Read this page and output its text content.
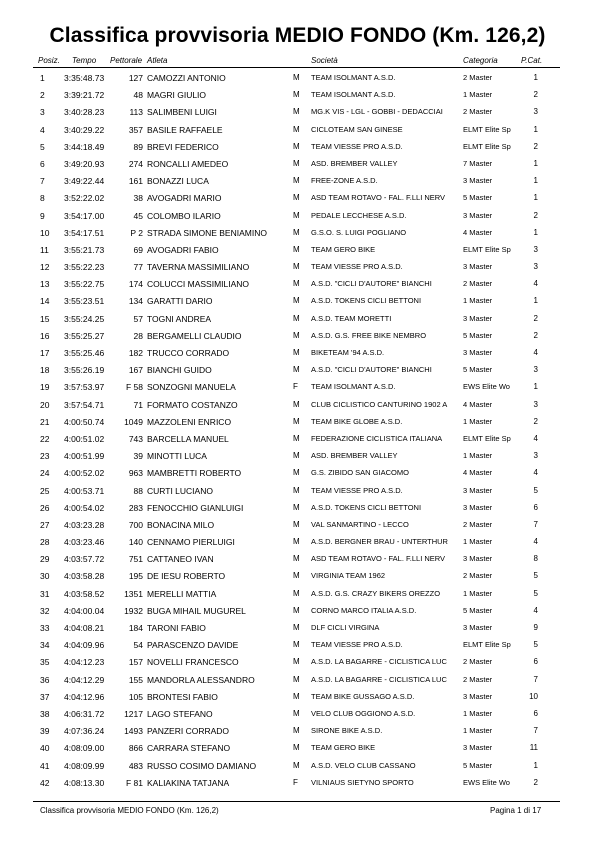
Classifica provvisoria MEDIO FONDO (Km. 126,2)
Posiz. Tempo Pettorale Atleta	Società	Categoria	P.Cat.
1	3:35:48.73	127 CAMOZZI ANTONIO	M	TEAM ISOLMANT A.S.D.	2 Master	1
2	3:39:21.72	48 MAGRI GIULIO	M	TEAM ISOLMANT A.S.D.	1 Master	2
3	3:40:28.23	113 SALIMBENI LUIGI	M	MG.K VIS - LGL - GOBBI - DEDACCIAI	2 Master	3
4	3:40:29.22	357 BASILE RAFFAELE	M	CICLOTEAM SAN GINESE	ELMT Elite Sp	1
5	3:44:18.49	89 BREVI FEDERICO	M	TEAM VIESSE PRO A.S.D.	ELMT Elite Sp	2
6	3:49:20.93	274 RONCALLI AMEDEO	M	ASD. BREMBER VALLEY	7 Master	1
7	3:49:22.44	161 BONAZZI LUCA	M	FREE-ZONE A.S.D.	3 Master	1
8	3:52:22.02	38 AVOGADRI MARIO	M	ASD TEAM ROTAVO - FAL. F.LLI NERV	5 Master	1
9	3:54:17.00	45 COLOMBO ILARIO	M	PEDALE LECCHESE A.S.D.	3 Master	2
10	3:54:17.51	P 2 STRADA SIMONE BENIAMINO	M	G.S.O. S. LUIGI POGLIANO	4 Master	1
11	3:55:21.73	69 AVOGADRI FABIO	M	TEAM GERO BIKE	ELMT Elite Sp	3
12	3:55:22.23	77 TAVERNA MASSIMILIANO	M	TEAM VIESSE PRO A.S.D.	3 Master	3
13	3:55:22.75	174 COLUCCI MASSIMILIANO	M	A.S.D. "CICLI D'AUTORE" BIANCHI	2 Master	4
14	3:55:23.51	134 GARATTI DARIO	M	A.S.D. TOKENS CICLI BETTONI	1 Master	1
15	3:55:24.25	57 TOGNI ANDREA	M	A.S.D. TEAM MORETTI	3 Master	2
16	3:55:25.27	28 BERGAMELLI CLAUDIO	M	A.S.D. G.S. FREE BIKE NEMBRO	5 Master	2
17	3:55:25.46	182 TRUCCO CORRADO	M	BIKETEAM '94 A.S.D.	3 Master	4
18	3:55:26.19	167 BIANCHI GUIDO	M	A.S.D. "CICLI D'AUTORE" BIANCHI	5 Master	3
19	3:57:53.97	F 58 SONZOGNI MANUELA	F	TEAM ISOLMANT A.S.D.	EWS Elite Wo	1
20	3:57:54.71	71 FORMATO COSTANZO	M	CLUB CICLISTICO CANTURINO 1902 A	4 Master	3
21	4:00:50.74	1049 MAZZOLENI ENRICO	M	TEAM BIKE GLOBE A.S.D.	1 Master	2
22	4:00:51.02	743 BARCELLA MANUEL	M	FEDERAZIONE CICLISTICA ITALIANA	ELMT Elite Sp	4
23	4:00:51.99	39 MINOTTI LUCA	M	ASD. BREMBER VALLEY	1 Master	3
24	4:00:52.02	963 MAMBRETTI ROBERTO	M	G.S. ZIBIDO SAN GIACOMO	4 Master	4
25	4:00:53.71	88 CURTI LUCIANO	M	TEAM VIESSE PRO A.S.D.	3 Master	5
26	4:00:54.02	283 FENOCCHIO GIANLUIGI	M	A.S.D. TOKENS CICLI BETTONI	3 Master	6
27	4:03:23.28	700 BONACINA MILO	M	VAL SANMARTINO - LECCO	2 Master	7
28	4:03:23.46	140 CENNAMO PIERLUIGI	M	A.S.D. BERGNER BRAU - UNTERTHUR	1 Master	4
29	4:03:57.72	751 CATTANEO IVAN	M	ASD TEAM ROTAVO - FAL. F.LLI NERV	3 Master	8
30	4:03:58.28	195 DE IESU ROBERTO	M	VIRGINIA TEAM 1962	2 Master	5
31	4:03:58.52	1351 MERELLI MATTIA	M	A.S.D. G.S. CRAZY BIKERS OREZZO	1 Master	5
32	4:04:00.04	1932 BUGA MIHAIL MUGUREL	M	CORNO MARCO ITALIA A.S.D.	5 Master	4
33	4:04:08.21	184 TARONI FABIO	M	DLF CICLI VIRGINA	3 Master	9
34	4:04:09.96	54 PARASCENZO DAVIDE	M	TEAM VIESSE PRO A.S.D.	ELMT Elite Sp	5
35	4:04:12.23	157 NOVELLI FRANCESCO	M	A.S.D. LA BAGARRE - CICLISTICA LUC	2 Master	6
36	4:04:12.29	155 MANDORLA ALESSANDRO	M	A.S.D. LA BAGARRE - CICLISTICA LUC	2 Master	7
37	4:04:12.96	105 BRONTESI FABIO	M	TEAM BIKE GUSSAGO A.S.D.	3 Master	10
38	4:06:31.72	1217 LAGO STEFANO	M	VELO CLUB OGGIONO A.S.D.	1 Master	6
39	4:07:36.24	1493 PANZERI CORRADO	M	SIRONE BIKE A.S.D.	1 Master	7
40	4:08:09.00	866 CARRARA STEFANO	M	TEAM GERO BIKE	3 Master	11
41	4:08:09.99	483 RUSSO COSIMO DAMIANO	M	A.S.D. VELO CLUB CASSANO	5 Master	1
42	4:08:13.30	F 81 KALIAKINA TATJANA	F	VILNIAUS SIETYNO SPORTO	EWS Elite Wo	2
Classifica provvisoria MEDIO FONDO (Km. 126,2)	Pagina 1 di 17
